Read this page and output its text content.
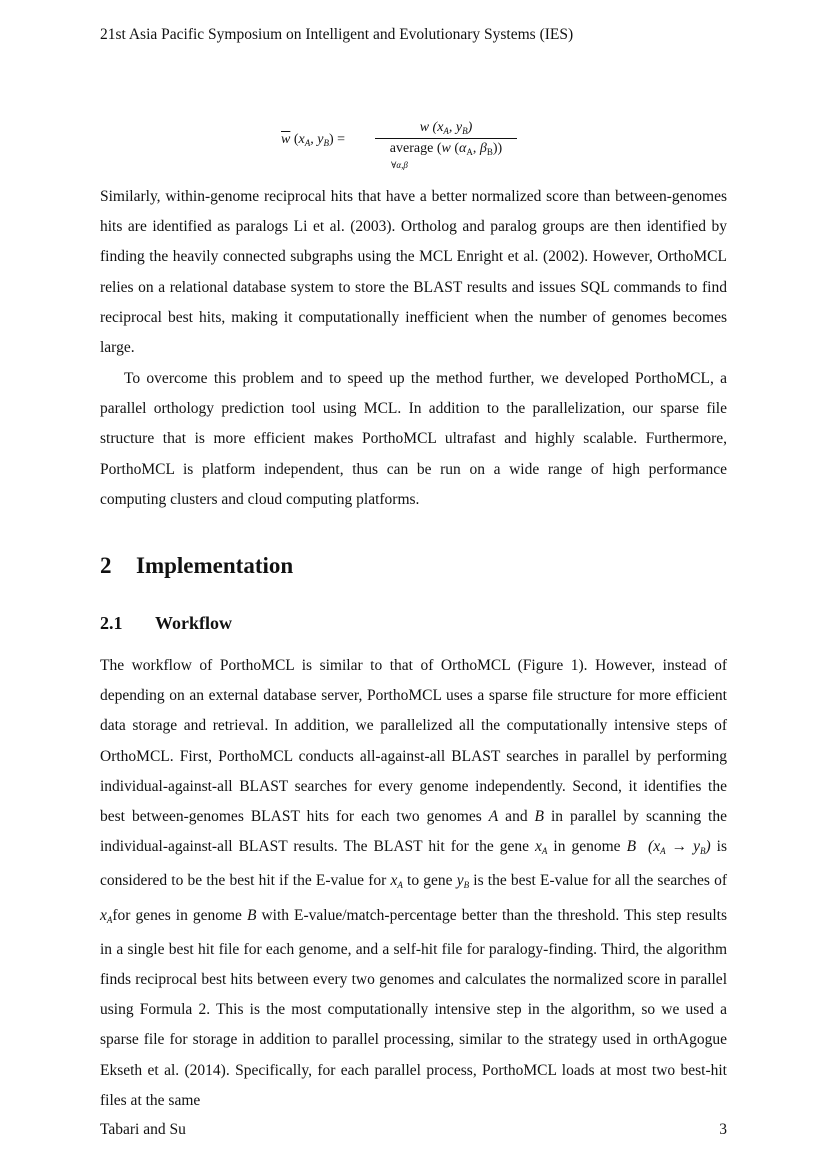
21st Asia Pacific Symposium on Intelligent and Evolutionary Systems (IES)
$\overline{w}$ ($x_A$, $y_B$) =
w ($x_A$, $y_B$)
average (w ($\alpha_A$, $\beta_B$))
∀α,β

Similarly, within-genome reciprocal hits that have a better normalized score than between-genomes hits are identified as paralogs Li et al. (2003). Ortholog and paralog groups are then identified by finding the heavily connected subgraphs using the MCL Enright et al. (2002). However, OrthoMCL relies on a relational database system to store the BLAST results and issues SQL commands to find reciprocal best hits, making it computationally inefficient when the number of genomes becomes large.

To overcome this problem and to speed up the method further, we developed PorthoMCL, a parallel orthology prediction tool using MCL. In addition to the parallelization, our sparse file structure that is more efficient makes PorthoMCL ultrafast and highly scalable. Furthermore, PorthoMCL is platform independent, thus can be run on a wide range of high performance computing clusters and cloud computing platforms.

2 Implementation
2.1 Workflow

The workflow of PorthoMCL is similar to that of OrthoMCL (Figure 1). However, instead of depending on an external database server, PorthoMCL uses a sparse file structure for more efficient data storage and retrieval. In addition, we parallelized all the computationally intensive steps of OrthoMCL. First, PorthoMCL conducts all-against-all BLAST searches in parallel by performing individual-against-all BLAST searches for every genome independently. Second, it identifies the best between-genomes BLAST hits for each two genomes A and B in parallel by scanning the individual-against-all BLAST results. The BLAST hit for the gene $x_A$ in genome B $(x_A \to y_B)$ is considered to be the best hit if the E-value for $x_A$ to gene $y_B$ is the best E-value for all the searches of $x_Afor$ genes in genome B with E-value/match-percentage better than the threshold. This step results in a single best hit file for each genome, and a self-hit file for paralogy-finding. Third, the algorithm finds reciprocal best hits between every two genomes and calculates the normalized score in parallel using Formula 2. This is the most computationally intensive step in the algorithm, so we used a sparse file for storage in addition to parallel processing, similar to the strategy used in orthAgogue Ekseth et al. (2014). Specifically, for each parallel process, PorthoMCL loads at most two best-hit files at the same

Tabari and Su	3
